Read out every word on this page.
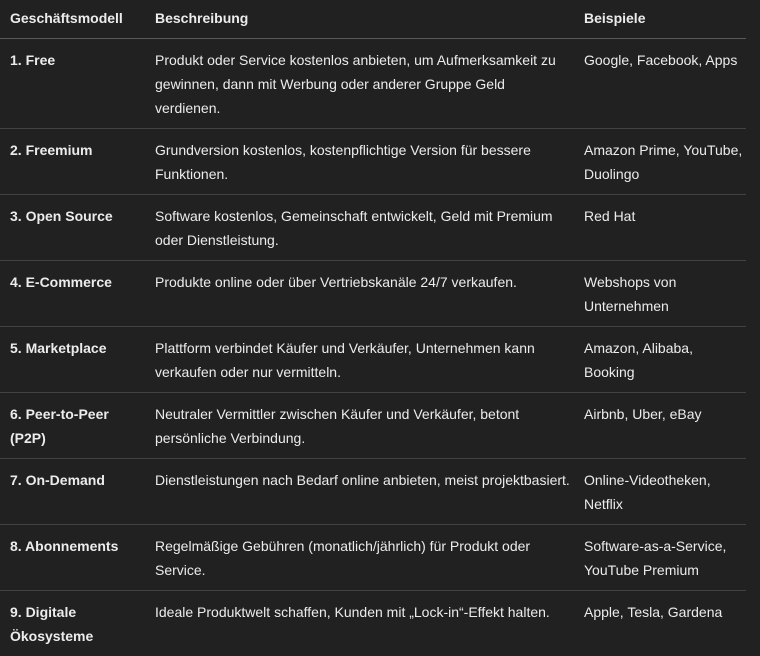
Geschäftsmodell	Beschreibung	Beispiele
1. Free	Produkt oder Service kostenlos anbieten, um Aufmerksamkeit zu gewinnen, dann mit Werbung oder anderer Gruppe Geld verdienen.	Google, Facebook, Apps
2. Freemium	Grundversion kostenlos, kostenpflichtige Version für bessere Funktionen.	Amazon Prime, YouTube, Duolingo
3. Open Source	Software kostenlos, Gemeinschaft entwickelt, Geld mit Premium oder Dienstleistung.	Red Hat
4. E-Commerce	Produkte online oder über Vertriebskanäle 24/7 verkaufen.	Webshops von Unternehmen
5. Marketplace	Plattform verbindet Käufer und Verkäufer, Unternehmen kann verkaufen oder nur vermitteln.	Amazon, Alibaba, Booking
6. Peer-to-Peer (P2P)	Neutraler Vermittler zwischen Käufer und Verkäufer, betont persönliche Verbindung.	Airbnb, Uber, eBay
7. On-Demand	Dienstleistungen nach Bedarf online anbieten, meist projektbasiert.	Online-Videotheken, Netflix
8. Abonnements	Regelmäßige Gebühren (monatlich/jährlich) für Produkt oder Service.	Software-as-a-Service, YouTube Premium
9. Digitale Ökosysteme	Ideale Produktwelt schaffen, Kunden mit „Lock-in“-Effekt halten.	Apple, Tesla, Gardena
